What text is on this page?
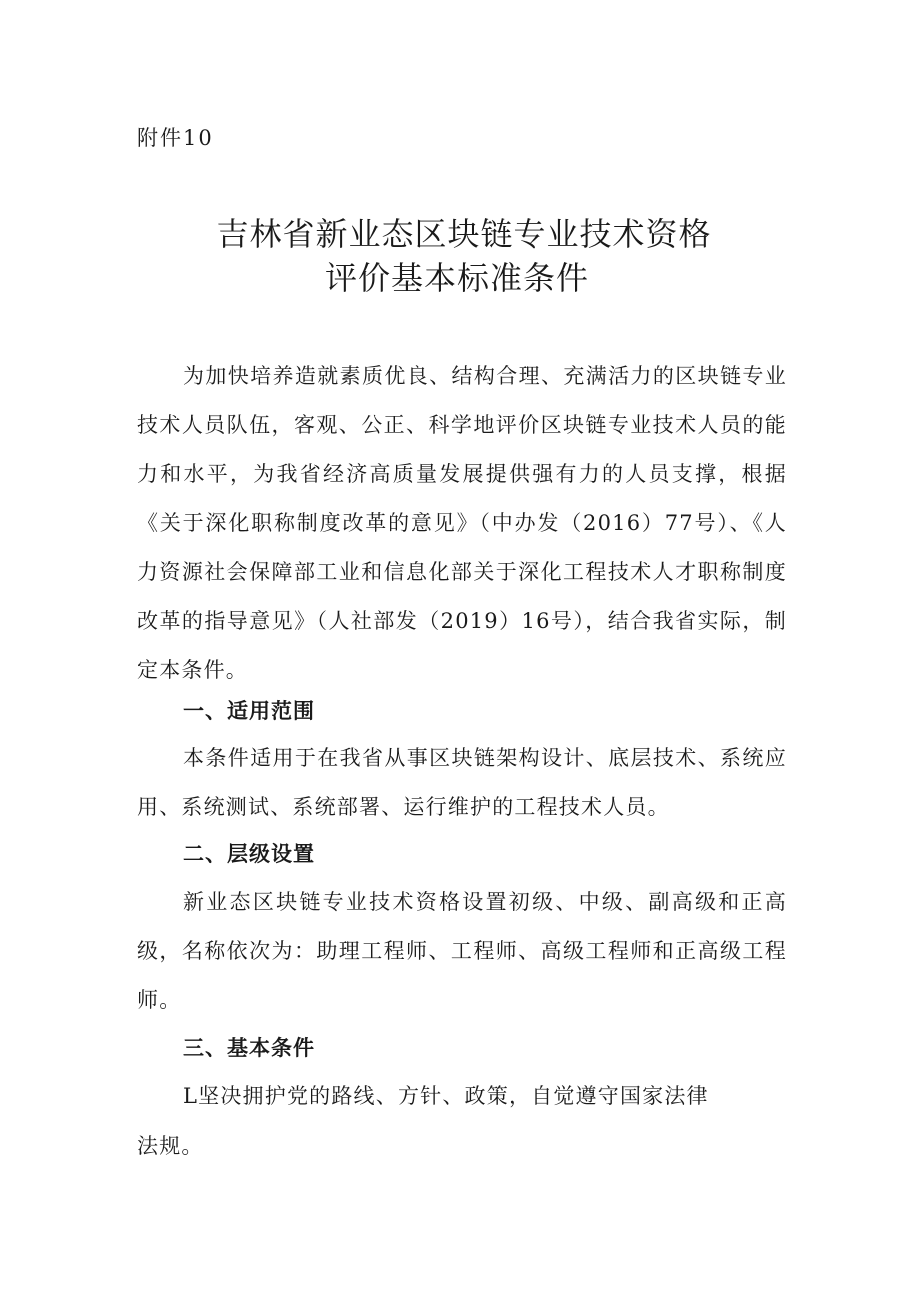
附件10
吉林省新业态区块链专业技术资格
评价基本标准条件
为加快培养造就素质优良、结构合理、充满活力的区块链专业技术人员队伍，客观、公正、科学地评价区块链专业技术人员的能力和水平，为我省经济高质量发展提供强有力的人员支撑，根据《关于深化职称制度改革的意见》（中办发（2016）77号）、《人力资源社会保障部工业和信息化部关于深化工程技术人才职称制度改革的指导意见》（人社部发（2019）16号），结合我省实际，制定本条件。
一、适用范围
本条件适用于在我省从事区块链架构设计、底层技术、系统应用、系统测试、系统部署、运行维护的工程技术人员。
二、层级设置
新业态区块链专业技术资格设置初级、中级、副高级和正高级，名称依次为：助理工程师、工程师、高级工程师和正高级工程师。
三、基本条件
L坚决拥护党的路线、方针、政策，自觉遵守国家法律
法规。
